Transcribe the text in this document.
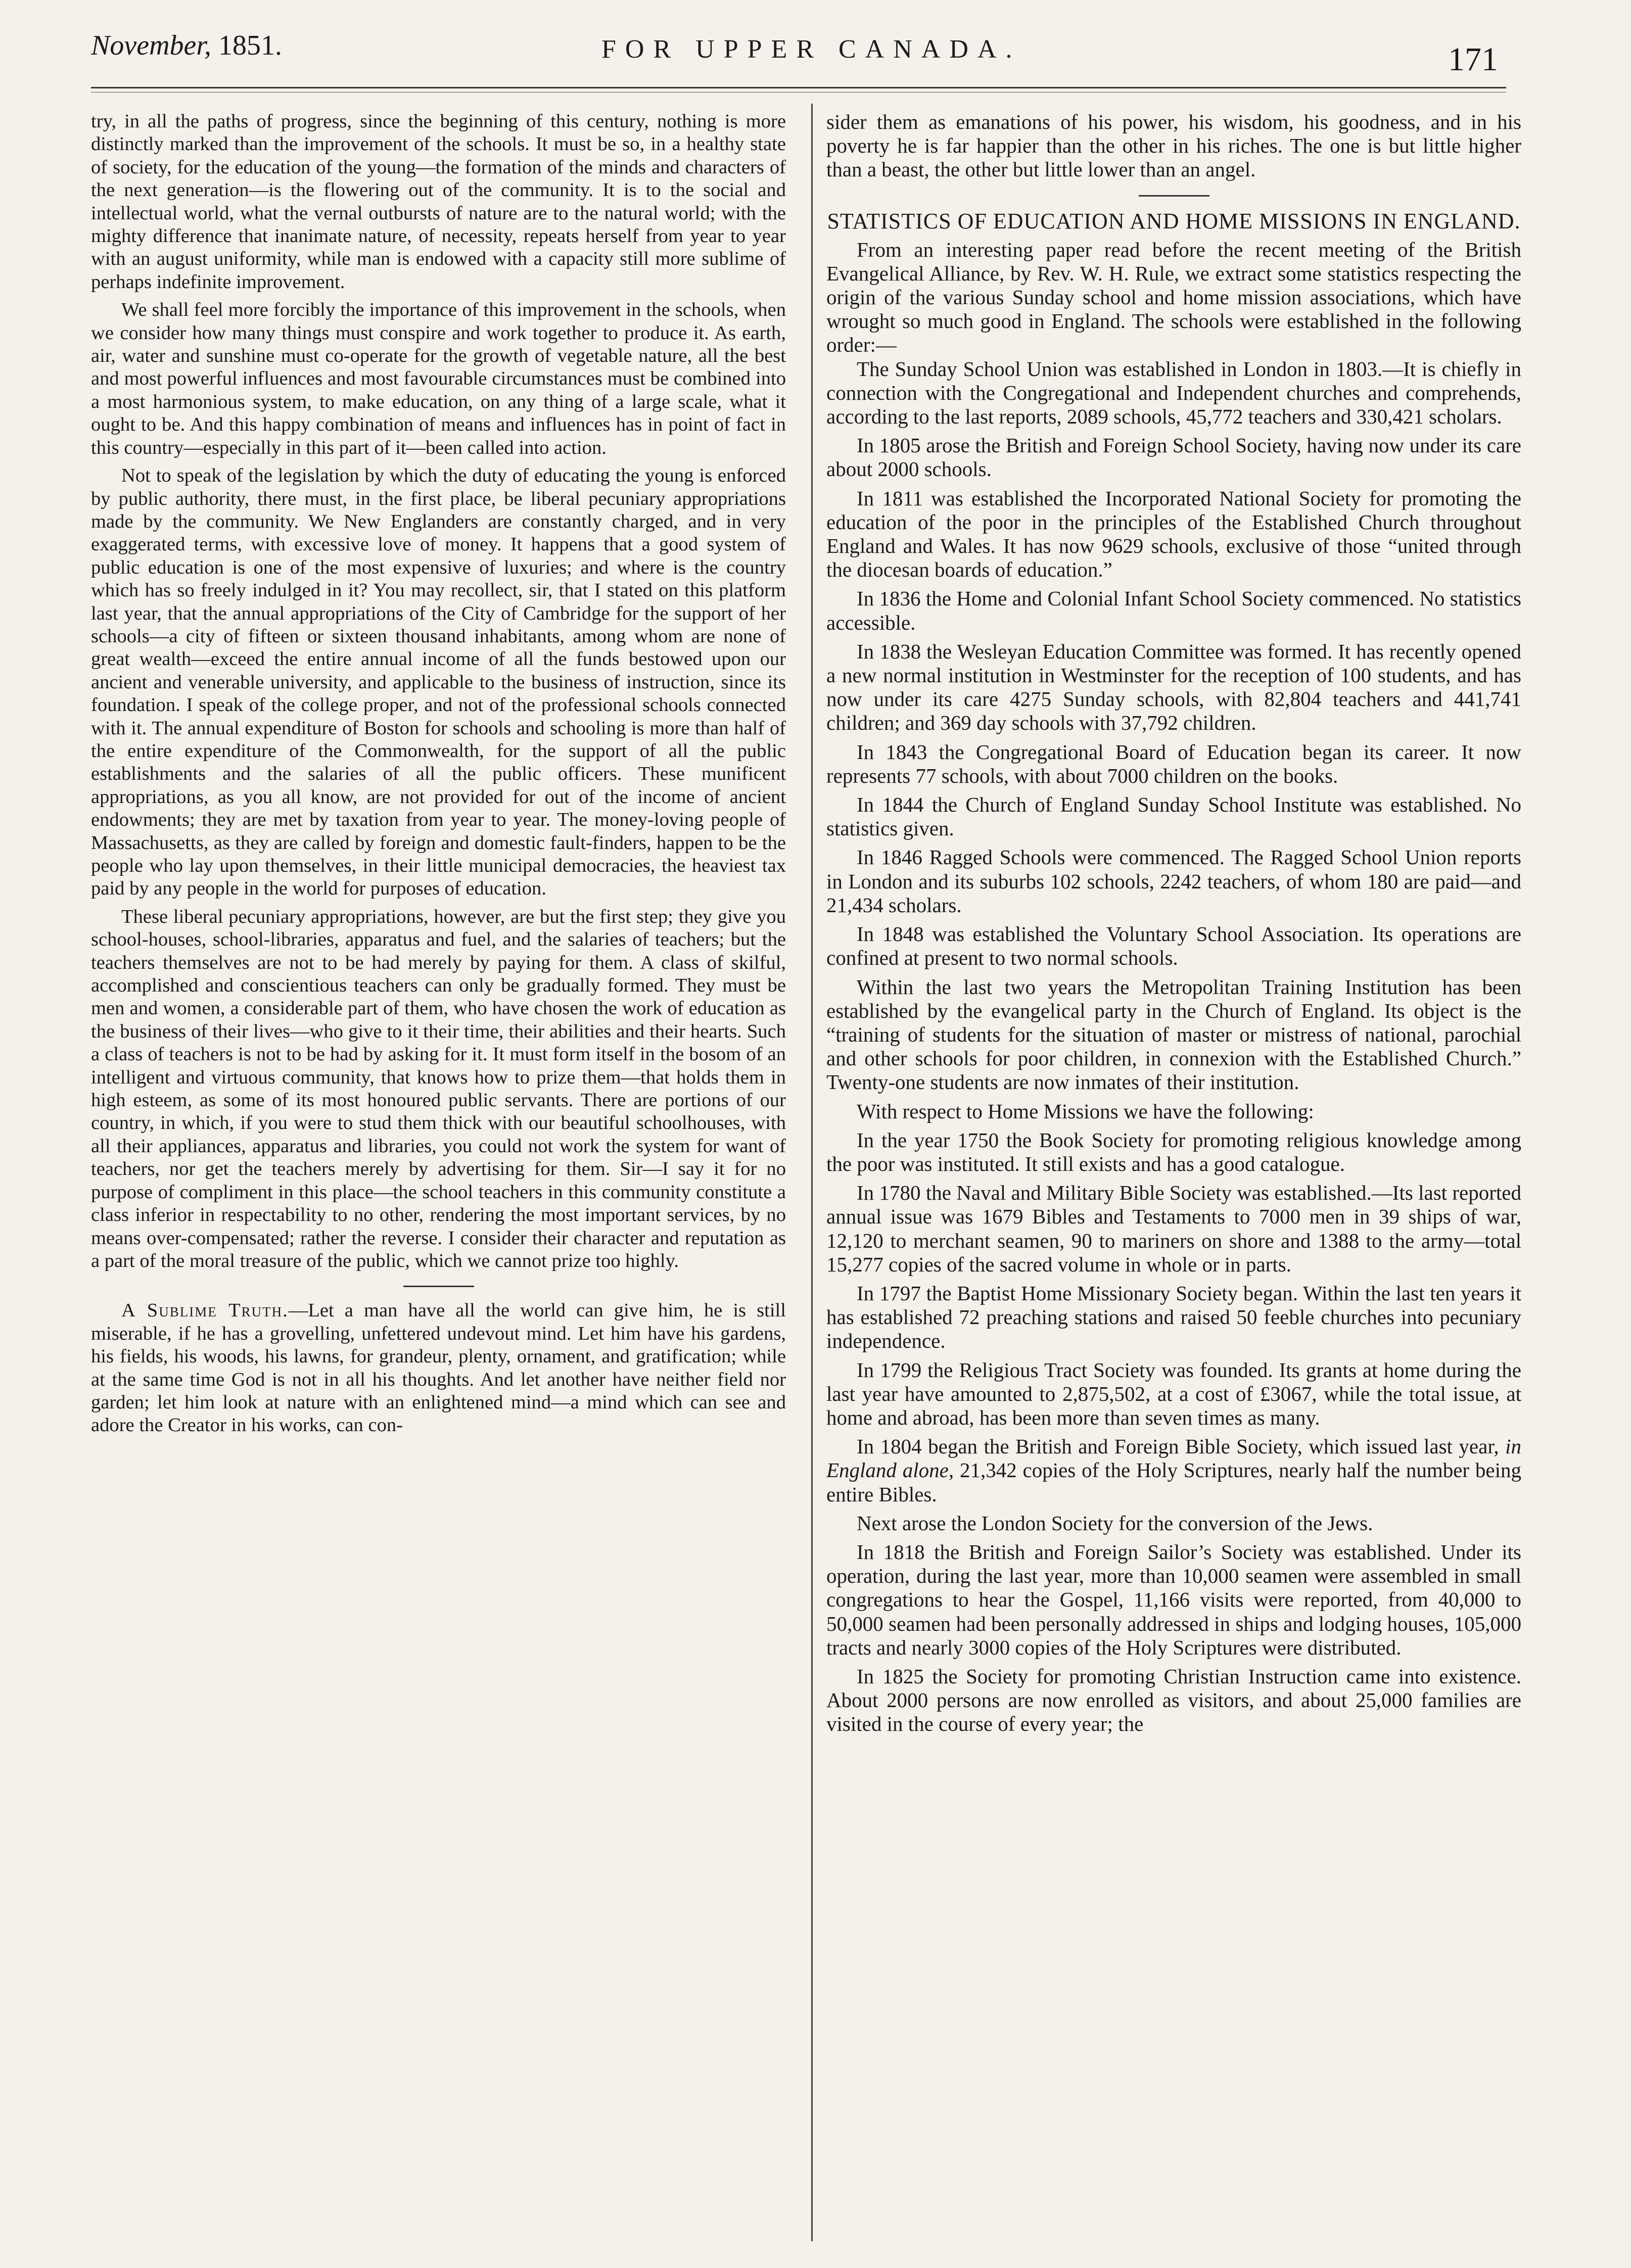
November, 1851.	FOR UPPER CANADA.	171

try, in all the paths of progress, since the beginning of this century, nothing is more distinctly marked than the improvement of the schools. It must be so, in a healthy state of society, for the education of the young—the formation of the minds and characters of the next generation—is the flowering out of the community. It is to the social and intellectual world, what the vernal outbursts of nature are to the natural world; with the mighty difference that inanimate nature, of necessity, repeats herself from year to year with an august uniformity, while man is endowed with a capacity still more sublime of perhaps indefinite improvement.

We shall feel more forcibly the importance of this improvement in the schools, when we consider how many things must conspire and work together to produce it. As earth, air, water and sunshine must co-operate for the growth of vegetable nature, all the best and most powerful influences and most favourable circumstances must be combined into a most harmonious system, to make education, on any thing of a large scale, what it ought to be. And this happy combination of means and influences has in point of fact in this country—especially in this part of it—been called into action.

Not to speak of the legislation by which the duty of educating the young is enforced by public authority, there must, in the first place, be liberal pecuniary appropriations made by the community. We New Englanders are constantly charged, and in very exaggerated terms, with excessive love of money. It happens that a good system of public education is one of the most expensive of luxuries; and where is the country which has so freely indulged in it? You may recollect, sir, that I stated on this platform last year, that the annual appropriations of the City of Cambridge for the support of her schools—a city of fifteen or sixteen thousand inhabitants, among whom are none of great wealth—exceed the entire annual income of all the funds bestowed upon our ancient and venerable university, and applicable to the business of instruction, since its foundation. I speak of the college proper, and not of the professional schools connected with it. The annual expenditure of Boston for schools and schooling is more than half of the entire expenditure of the Commonwealth, for the support of all the public establishments and the salaries of all the public officers. These munificent appropriations, as you all know, are not provided for out of the income of ancient endowments; they are met by taxation from year to year. The money-loving people of Massachusetts, as they are called by foreign and domestic fault-finders, happen to be the people who lay upon themselves, in their little municipal democracies, the heaviest tax paid by any people in the world for purposes of education.

These liberal pecuniary appropriations, however, are but the first step; they give you school-houses, school-libraries, apparatus and fuel, and the salaries of teachers; but the teachers themselves are not to be had merely by paying for them. A class of skilful, accomplished and conscientious teachers can only be gradually formed. They must be men and women, a considerable part of them, who have chosen the work of education as the business of their lives—who give to it their time, their abilities and their hearts. Such a class of teachers is not to be had by asking for it. It must form itself in the bosom of an intelligent and virtuous community, that knows how to prize them—that holds them in high esteem, as some of its most honoured public servants. There are portions of our country, in which, if you were to stud them thick with our beautiful schoolhouses, with all their appliances, apparatus and libraries, you could not work the system for want of teachers, nor get the teachers merely by advertising for them. Sir—I say it for no purpose of compliment in this place—the school teachers in this community constitute a class inferior in respectability to no other, rendering the most important services, by no means over-compensated; rather the reverse. I consider their character and reputation as a part of the moral treasure of the public, which we cannot prize too highly.

A Sublime Truth.—Let a man have all the world can give him, he is still miserable, if he has a grovelling, unfettered undevout mind. Let him have his gardens, his fields, his woods, his lawns, for grandeur, plenty, ornament, and gratification; while at the same time God is not in all his thoughts. And let another have neither field nor garden; let him look at nature with an enlightened mind—a mind which can see and adore the Creator in his works, can con-

sider them as emanations of his power, his wisdom, his goodness, and in his poverty he is far happier than the other in his riches. The one is but little higher than a beast, the other but little lower than an angel.

STATISTICS OF EDUCATION AND HOME MISSIONS IN ENGLAND.

From an interesting paper read before the recent meeting of the British Evangelical Alliance, by Rev. W. H. Rule, we extract some statistics respecting the origin of the various Sunday school and home mission associations, which have wrought so much good in England. The schools were established in the following order:—

The Sunday School Union was established in London in 1803.—It is chiefly in connection with the Congregational and Independent churches and comprehends, according to the last reports, 2089 schools, 45,772 teachers and 330,421 scholars.

In 1805 arose the British and Foreign School Society, having now under its care about 2000 schools.

In 1811 was established the Incorporated National Society for promoting the education of the poor in the principles of the Established Church throughout England and Wales. It has now 9629 schools, exclusive of those “united through the diocesan boards of education.”

In 1836 the Home and Colonial Infant School Society commenced. No statistics accessible.

In 1838 the Wesleyan Education Committee was formed. It has recently opened a new normal institution in Westminster for the reception of 100 students, and has now under its care 4275 Sunday schools, with 82,804 teachers and 441,741 children; and 369 day schools with 37,792 children.

In 1843 the Congregational Board of Education began its career. It now represents 77 schools, with about 7000 children on the books.

In 1844 the Church of England Sunday School Institute was established. No statistics given.

In 1846 Ragged Schools were commenced. The Ragged School Union reports in London and its suburbs 102 schools, 2242 teachers, of whom 180 are paid—and 21,434 scholars.

In 1848 was established the Voluntary School Association. Its operations are confined at present to two normal schools.

Within the last two years the Metropolitan Training Institution has been established by the evangelical party in the Church of England. Its object is the “training of students for the situation of master or mistress of national, parochial and other schools for poor children, in connexion with the Established Church.” Twenty-one students are now inmates of their institution.

With respect to Home Missions we have the following:

In the year 1750 the Book Society for promoting religious knowledge among the poor was instituted. It still exists and has a good catalogue.

In 1780 the Naval and Military Bible Society was established.—Its last reported annual issue was 1679 Bibles and Testaments to 7000 men in 39 ships of war, 12,120 to merchant seamen, 90 to mariners on shore and 1388 to the army—total 15,277 copies of the sacred volume in whole or in parts.

In 1797 the Baptist Home Missionary Society began. Within the last ten years it has established 72 preaching stations and raised 50 feeble churches into pecuniary independence.

In 1799 the Religious Tract Society was founded. Its grants at home during the last year have amounted to 2,875,502, at a cost of £3067, while the total issue, at home and abroad, has been more than seven times as many.

In 1804 began the British and Foreign Bible Society, which issued last year, in England alone, 21,342 copies of the Holy Scriptures, nearly half the number being entire Bibles.

Next arose the London Society for the conversion of the Jews.

In 1818 the British and Foreign Sailor’s Society was established. Under its operation, during the last year, more than 10,000 seamen were assembled in small congregations to hear the Gospel, 11,166 visits were reported, from 40,000 to 50,000 seamen had been personally addressed in ships and lodging houses, 105,000 tracts and nearly 3000 copies of the Holy Scriptures were distributed.

In 1825 the Society for promoting Christian Instruction came into existence. About 2000 persons are now enrolled as visitors, and about 25,000 families are visited in the course of every year; the
